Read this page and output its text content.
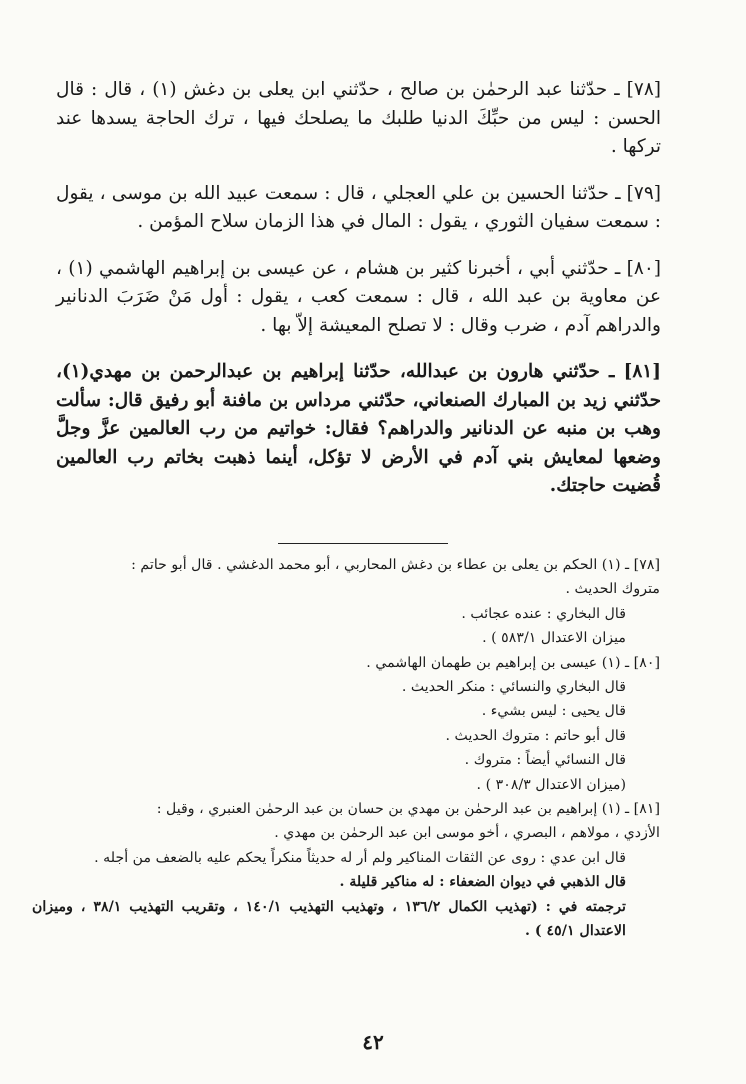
[٧٨] ـ حدّثنا عبد الرحمٰن بن صالح ، حدّثني ابن يعلى بن دغش (١) ، قال : قال الحسن : ليس من حبِّكَ الدنيا طلبك ما يصلحك فيها ، ترك الحاجة يسدها عند تركها .

[٧٩] ـ حدّثنا الحسين بن علي العجلي ، قال : سمعت عبيد الله بن موسى ، يقول : سمعت سفيان الثوري ، يقول : المال في هذا الزمان سلاح المؤمن .

[٨٠] ـ حدّثني أبي ، أخبرنا كثير بن هشام ، عن عيسى بن إبراهيم الهاشمي (١) ، عن معاوية بن عبد الله ، قال : سمعت كعب ، يقول : أول مَنْ ضَرَبَ الدنانير والدراهم آدم ، ضرب وقال : لا تصلح المعيشة إلاّ بها .

[٨١] ـ حدّثني هارون بن عبدالله، حدّثنا إبراهيم بن عبدالرحمن بن مهدي(١)، حدّثني زيد بن المبارك الصنعاني، حدّثني مرداس بن مافنة أبو رفيق قال: سألت وهب بن منبه عن الدنانير والدراهم؟ فقال: خواتيم من رب العالمين عزَّ وجلَّ وضعها لمعايش بني آدم في الأرض لا تؤكل، أينما ذهبت بخاتم رب العالمين قُضيت حاجتك.

[٧٨] ـ (١) الحكم بن يعلى بن عطاء بن دغش المحاربي ، أبو محمد الدغشي . قال أبو حاتم :

متروك الحديث .

قال البخاري : عنده عجائب .

ميزان الاعتدال ٥٨٣/١ ) .

[٨٠] ـ (١) عيسى بن إبراهيم بن طهمان الهاشمي .

قال البخاري والنسائي : منكر الحديث .

قال يحيى : ليس بشيء .

قال أبو حاتم : متروك الحديث .

قال النسائي أيضاً : متروك .

(ميزان الاعتدال ٣٠٨/٣ ) .

[٨١] ـ (١) إبراهيم بن عبد الرحمٰن بن مهدي بن حسان بن عبد الرحمٰن العنبري ، وقيل :

الأزدي ، مولاهم ، البصري ، أخو موسى ابن عبد الرحمٰن بن مهدي .

قال ابن عدي : روى عن الثقات المناكير ولم أر له حديثاً منكراً يحكم عليه بالضعف من أجله .

قال الذهبي في ديوان الضعفاء : له مناكير قليلة .

ترجمته في : (تهذيب الكمال ١٣٦/٢ ، وتهذيب التهذيب ١٤٠/١ ، وتقريب التهذيب ٣٨/١ ، وميزان الاعتدال ٤٥/١ ) .

٤٢
